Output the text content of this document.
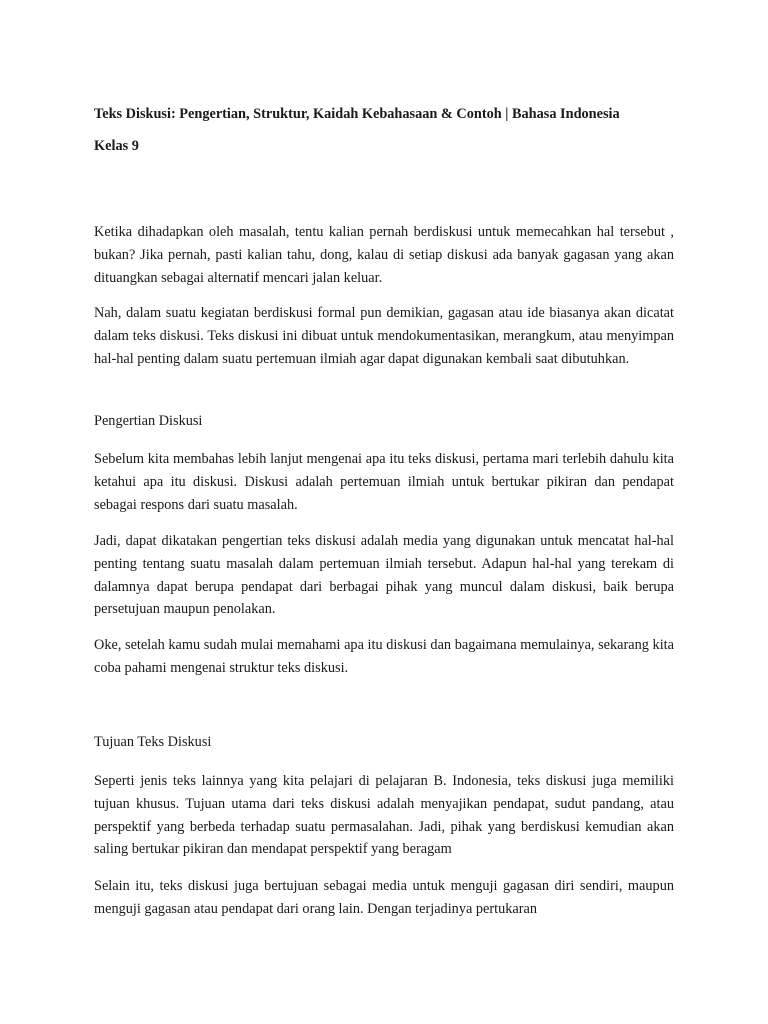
Teks Diskusi: Pengertian, Struktur, Kaidah Kebahasaan & Contoh | Bahasa Indonesia
Kelas 9

Ketika dihadapkan oleh masalah, tentu kalian pernah berdiskusi untuk memecahkan hal tersebut , bukan? Jika pernah, pasti kalian tahu, dong, kalau di setiap diskusi ada banyak gagasan yang akan dituangkan sebagai alternatif mencari jalan keluar.

Nah, dalam suatu kegiatan berdiskusi formal pun demikian, gagasan atau ide biasanya akan dicatat dalam teks diskusi. Teks diskusi ini dibuat untuk mendokumentasikan, merangkum, atau menyimpan hal-hal penting dalam suatu pertemuan ilmiah agar dapat digunakan kembali saat dibutuhkan.

Pengertian Diskusi

Sebelum kita membahas lebih lanjut mengenai apa itu teks diskusi, pertama mari terlebih dahulu kita ketahui apa itu diskusi. Diskusi adalah pertemuan ilmiah untuk bertukar pikiran dan pendapat sebagai respons dari suatu masalah.

Jadi, dapat dikatakan pengertian teks diskusi adalah media yang digunakan untuk mencatat hal-hal penting tentang suatu masalah dalam pertemuan ilmiah tersebut. Adapun hal-hal yang terekam di dalamnya dapat berupa pendapat dari berbagai pihak yang muncul dalam diskusi, baik berupa persetujuan maupun penolakan.

Oke, setelah kamu sudah mulai memahami apa itu diskusi dan bagaimana memulainya, sekarang kita coba pahami mengenai struktur teks diskusi.

Tujuan Teks Diskusi

Seperti jenis teks lainnya yang kita pelajari di pelajaran B. Indonesia, teks diskusi juga memiliki tujuan khusus. Tujuan utama dari teks diskusi adalah menyajikan pendapat, sudut pandang, atau perspektif yang berbeda terhadap suatu permasalahan. Jadi, pihak yang berdiskusi kemudian akan saling bertukar pikiran dan mendapat perspektif yang beragam

Selain itu, teks diskusi juga bertujuan sebagai media untuk menguji gagasan diri sendiri, maupun menguji gagasan atau pendapat dari orang lain. Dengan terjadinya pertukaran
